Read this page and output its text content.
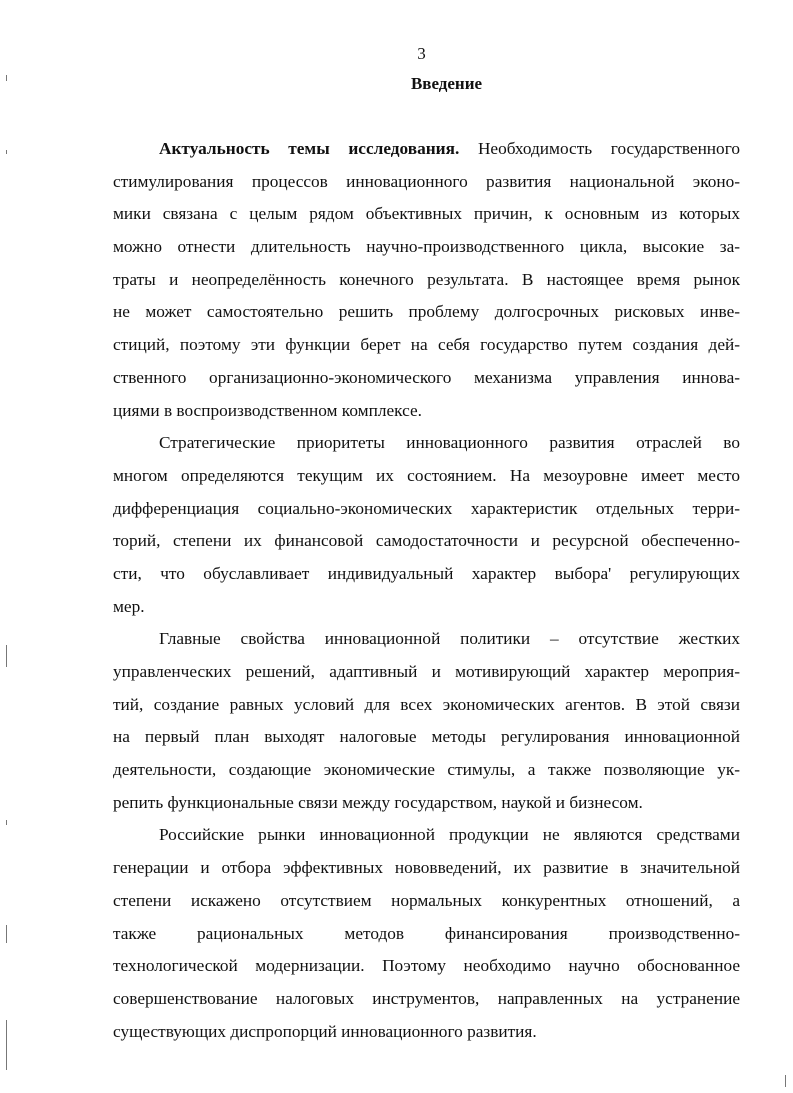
3
Введение
Актуальность темы исследования. Необходимость государственного
стимулирования процессов инновационного развития национальной эконо-
мики связана с целым рядом объективных причин, к основным из которых
можно отнести длительность научно-производственного цикла, высокие за-
траты и неопределённость конечного результата. В настоящее время рынок
не может самостоятельно решить проблему долгосрочных рисковых инве-
стиций, поэтому эти функции берет на себя государство путем создания дей-
ственного организационно-экономического механизма управления иннова-
циями в воспроизводственном комплексе.
Стратегические приоритеты инновационного развития отраслей во
многом определяются текущим их состоянием. На мезоуровне имеет место
дифференциация социально-экономических характеристик отдельных терри-
торий, степени их финансовой самодостаточности и ресурсной обеспеченно-
сти, что обуславливает индивидуальный характер выбора' регулирующих
мер.
Главные свойства инновационной политики – отсутствие жестких
управленческих решений, адаптивный и мотивирующий характер мероприя-
тий, создание равных условий для всех экономических агентов. В этой связи
на первый план выходят налоговые методы регулирования инновационной
деятельности, создающие экономические стимулы, а также позволяющие ук-
репить функциональные связи между государством, наукой и бизнесом.
Российские рынки инновационной продукции не являются средствами
генерации и отбора эффективных нововведений, их развитие в значительной
степени искажено отсутствием нормальных конкурентных отношений, а
также рациональных методов финансирования производственно-
технологической модернизации. Поэтому необходимо научно обоснованное
совершенствование налоговых инструментов, направленных на устранение
существующих диспропорций инновационного развития.
